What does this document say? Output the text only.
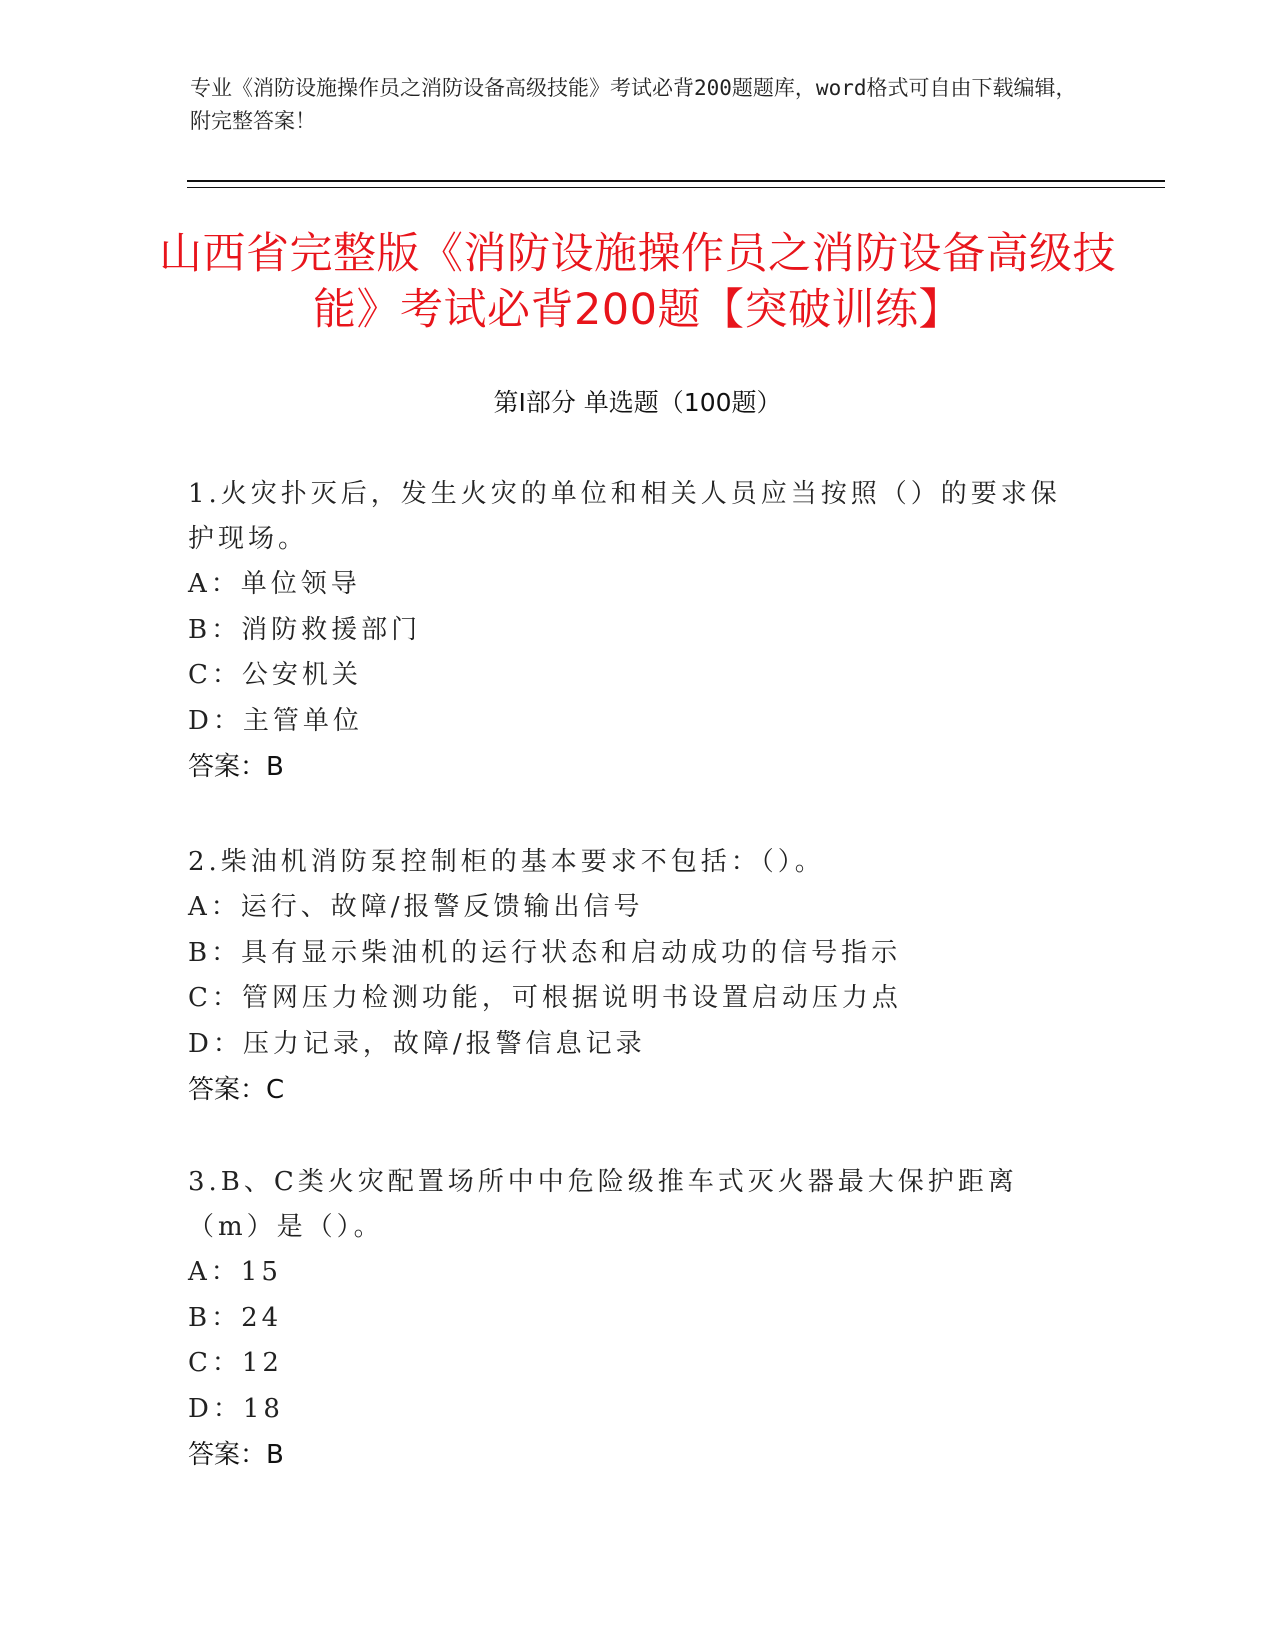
专业《消防设施操作员之消防设备高级技能》考试必背200题题库，word格式可自由下载编辑，附完整答案！
山西省完整版《消防设施操作员之消防设备高级技能》考试必背200题【突破训练】
第I部分 单选题（100题）
1.火灾扑灭后，发生火灾的单位和相关人员应当按照（）的要求保护现场。
A：单位领导
B：消防救援部门
C：公安机关
D：主管单位
答案：B
2.柴油机消防泵控制柜的基本要求不包括：（）。
A：运行、故障/报警反馈输出信号
B：具有显示柴油机的运行状态和启动成功的信号指示
C：管网压力检测功能，可根据说明书设置启动压力点
D：压力记录，故障/报警信息记录
答案：C
3.B、C类火灾配置场所中中危险级推车式灭火器最大保护距离（m）是（）。
A：15
B：24
C：12
D：18
答案：B
